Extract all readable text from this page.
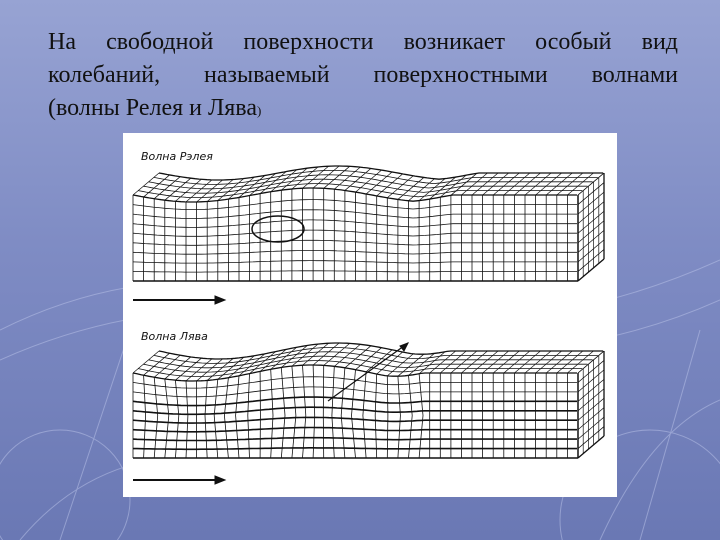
На свободной поверхности возникает особый вид
колебаний, называемый поверхностными волнами
(волны Релея и Лява)
Волна Рэлея
Волна Лява
